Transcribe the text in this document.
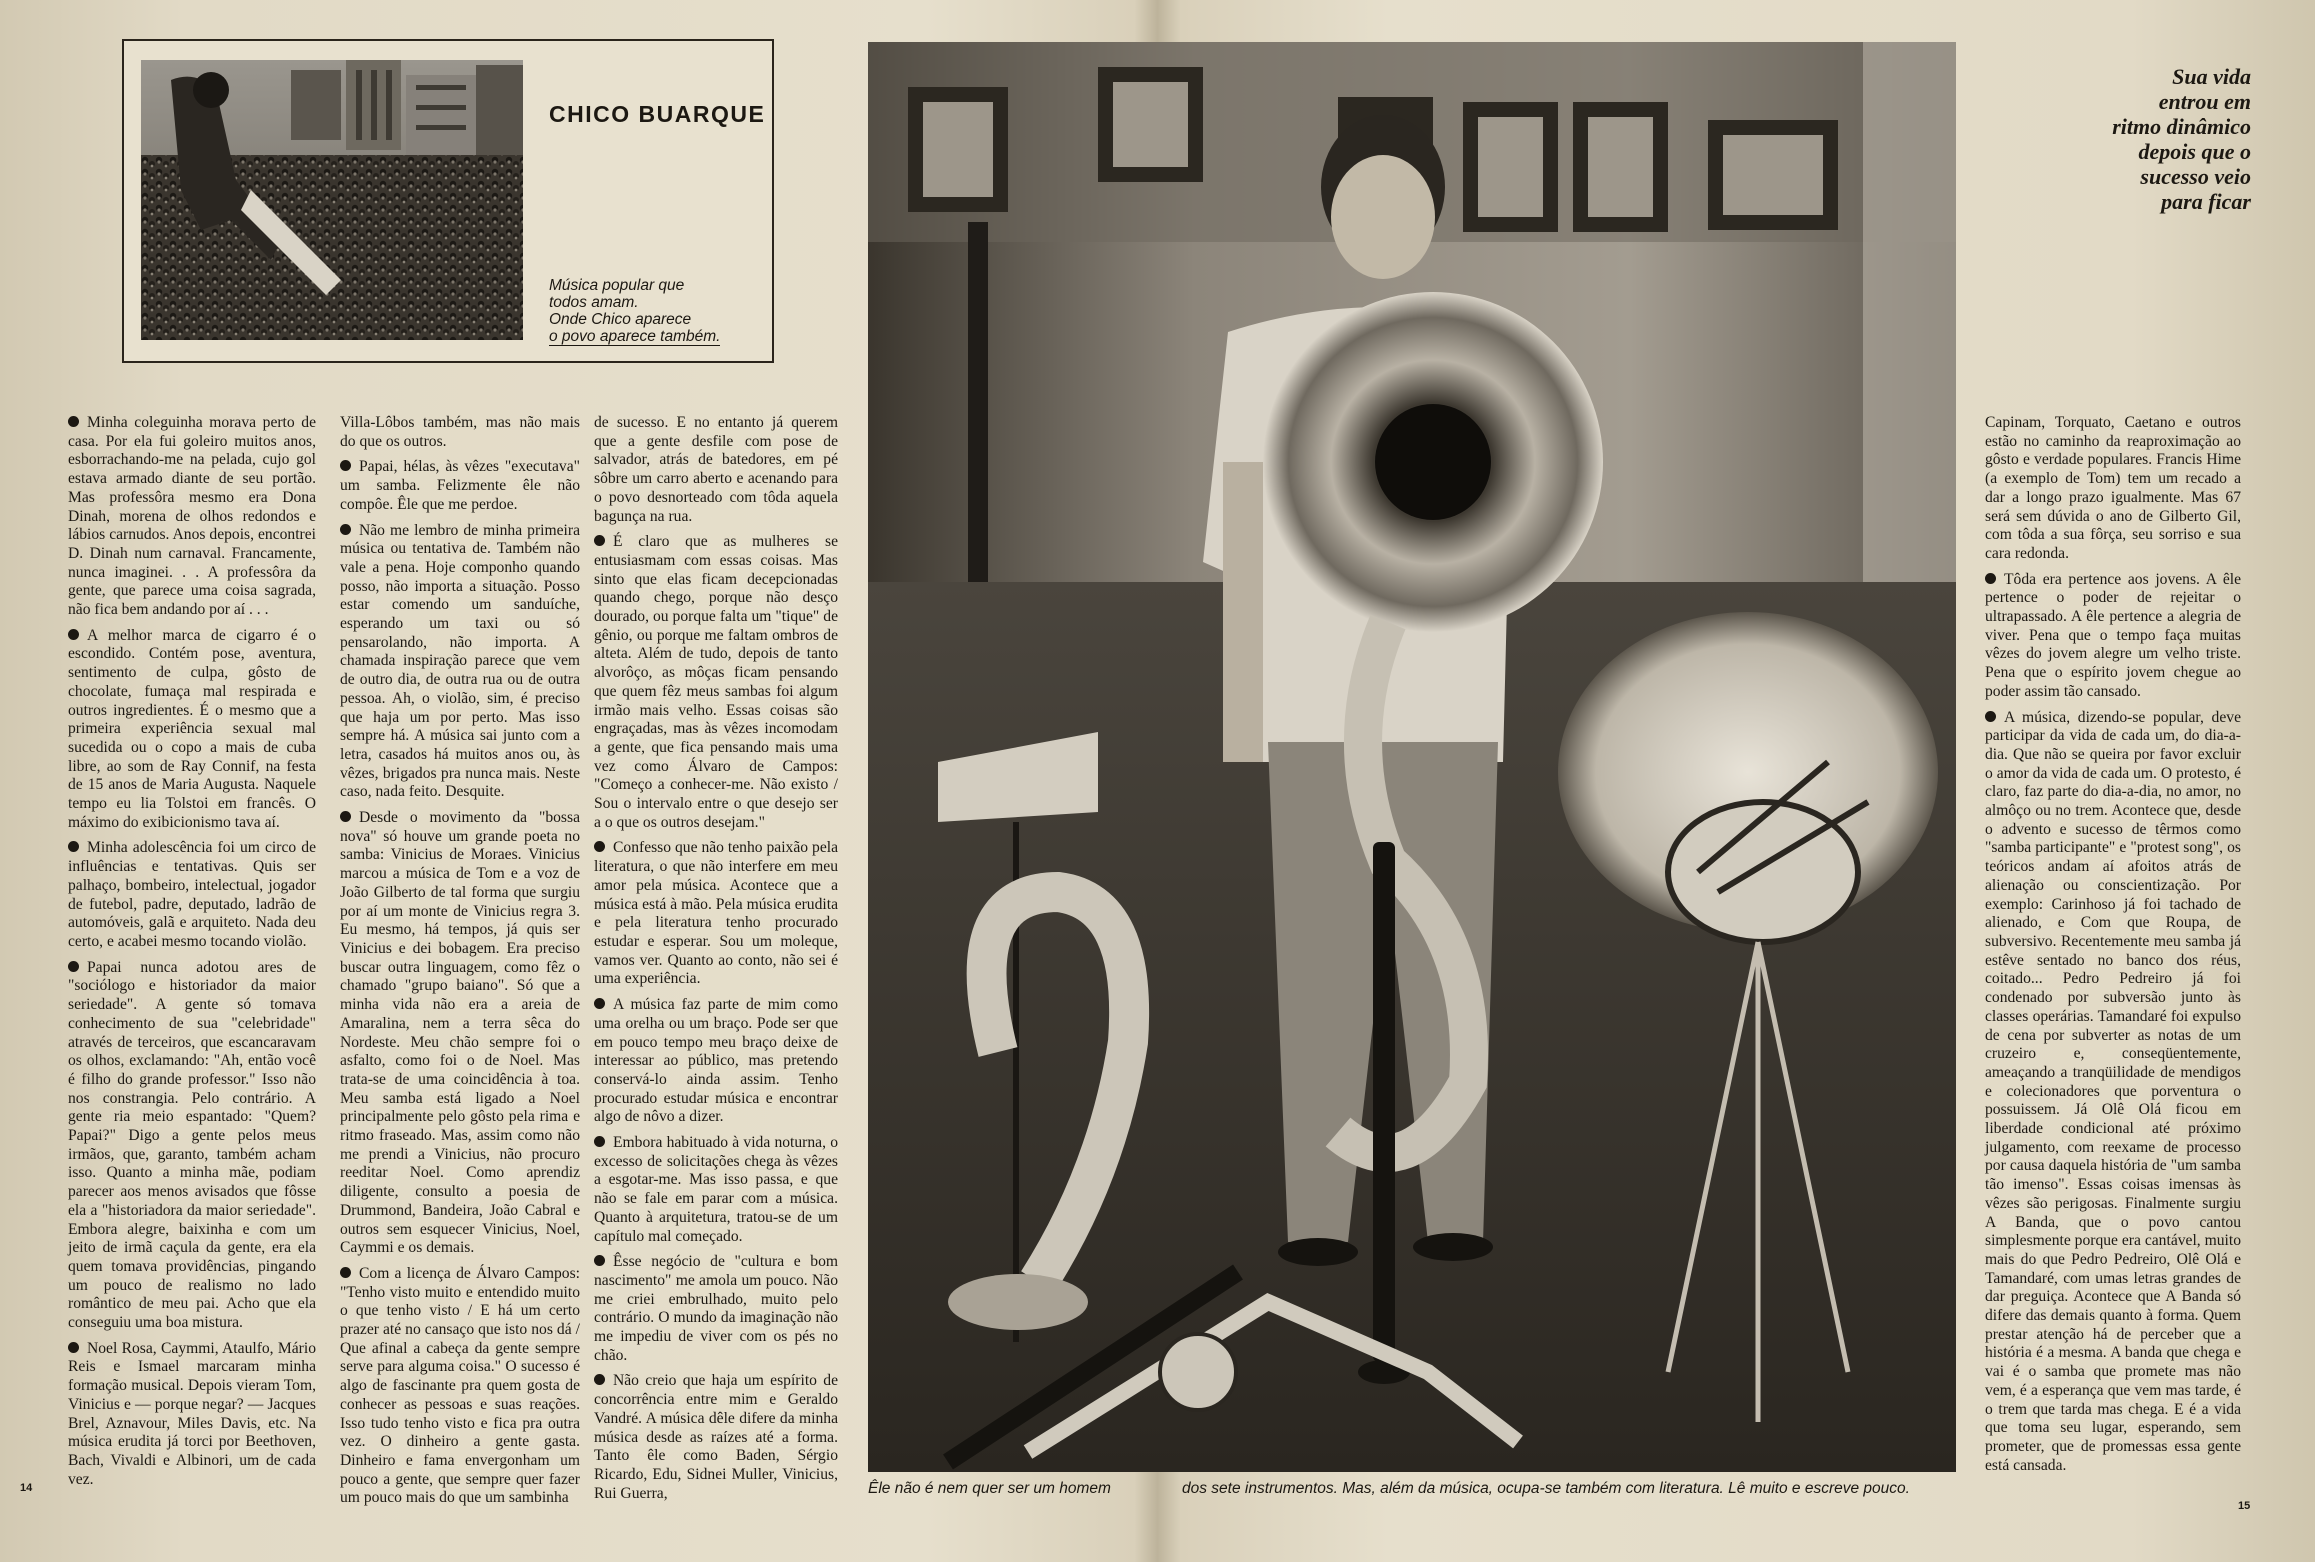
CHICO BUARQUE
Música popular que
todos amam.
Onde Chico aparece
o povo aparece também.

Minha coleguinha morava perto de casa. Por ela fui goleiro muitos anos, esborrachando-me na pelada, cujo gol estava armado diante de seu portão. Mas professôra mesmo era Dona Dinah, morena de olhos redondos e lábios carnudos. Anos depois, encontrei D. Dinah num carnaval. Francamente, nunca imaginei. . . A professôra da gente, que parece uma coisa sagrada, não fica bem andando por aí . . .

A melhor marca de cigarro é o escondido. Contém pose, aventura, sentimento de culpa, gôsto de chocolate, fumaça mal respirada e outros ingredientes. É o mesmo que a primeira experiência sexual mal sucedida ou o copo a mais de cuba libre, ao som de Ray Connif, na festa de 15 anos de Maria Augusta. Naquele tempo eu lia Tolstoi em francês. O máximo do exibicionismo tava aí.

Minha adolescência foi um circo de influências e tentativas. Quis ser palhaço, bombeiro, intelectual, jogador de futebol, padre, deputado, ladrão de automóveis, galã e arquiteto. Nada deu certo, e acabei mesmo tocando violão.

Papai nunca adotou ares de "sociólogo e historiador da maior seriedade". A gente só tomava conhecimento de sua "celebridade" através de terceiros, que escancaravam os olhos, exclamando: "Ah, então você é filho do grande professor." Isso não nos constrangia. Pelo contrário. A gente ria meio espantado: "Quem? Papai?" Digo a gente pelos meus irmãos, que, garanto, também acham isso. Quanto a minha mãe, podiam parecer aos menos avisados que fôsse ela a "historiadora da maior seriedade". Embora alegre, baixinha e com um jeito de irmã caçula da gente, era ela quem tomava providências, pingando um pouco de realismo no lado romântico de meu pai. Acho que ela conseguiu uma boa mistura.

Noel Rosa, Caymmi, Ataulfo, Mário Reis e Ismael marcaram minha formação musical. Depois vieram Tom, Vinicius e — porque negar? — Jacques Brel, Aznavour, Miles Davis, etc. Na música erudita já torci por Beethoven, Bach, Vivaldi e Albinori, um de cada vez.

Villa-Lôbos também, mas não mais do que os outros.

Papai, hélas, às vêzes "executava" um samba. Felizmente êle não compôe. Êle que me perdoe.

Não me lembro de minha primeira música ou tentativa de. Também não vale a pena. Hoje componho quando posso, não importa a situação. Posso estar comendo um sanduíche, esperando um taxi ou só pensarolando, não importa. A chamada inspiração parece que vem de outro dia, de outra rua ou de outra pessoa. Ah, o violão, sim, é preciso que haja um por perto. Mas isso sempre há. A música sai junto com a letra, casados há muitos anos ou, às vêzes, brigados pra nunca mais. Neste caso, nada feito. Desquite.

Desde o movimento da "bossa nova" só houve um grande poeta no samba: Vinicius de Moraes. Vinicius marcou a música de Tom e a voz de João Gilberto de tal forma que surgiu por aí um monte de Vinicius regra 3. Eu mesmo, há tempos, já quis ser Vinicius e dei bobagem. Era preciso buscar outra linguagem, como fêz o chamado "grupo baiano". Só que a minha vida não era a areia de Amaralina, nem a terra sêca do Nordeste. Meu chão sempre foi o asfalto, como foi o de Noel. Mas trata-se de uma coincidência à toa. Meu samba está ligado a Noel principalmente pelo gôsto pela rima e ritmo fraseado. Mas, assim como não me prendi a Vinicius, não procuro reeditar Noel. Como aprendiz diligente, consulto a poesia de Drummond, Bandeira, João Cabral e outros sem esquecer Vinicius, Noel, Caymmi e os demais.

Com a licença de Álvaro Campos: "Tenho visto muito e entendido muito o que tenho visto / E há um certo prazer até no cansaço que isto nos dá / Que afinal a cabeça da gente sempre serve para alguma coisa." O sucesso é algo de fascinante pra quem gosta de conhecer as pessoas e suas reações. Isso tudo tenho visto e fica pra outra vez. O dinheiro a gente gasta. Dinheiro e fama envergonham um pouco a gente, que sempre quer fazer um pouco mais do que um sambinha

de sucesso. E no entanto já querem que a gente desfile com pose de salvador, atrás de batedores, em pé sôbre um carro aberto e acenando para o povo desnorteado com tôda aquela bagunça na rua.

É claro que as mulheres se entusiasmam com essas coisas. Mas sinto que elas ficam decepcionadas quando chego, porque não desço dourado, ou porque falta um "tique" de gênio, ou porque me faltam ombros de alteta. Além de tudo, depois de tanto alvorôço, as môças ficam pensando que quem fêz meus sambas foi algum irmão mais velho. Essas coisas são engraçadas, mas às vêzes incomodam a gente, que fica pensando mais uma vez como Álvaro de Campos: "Começo a conhecer-me. Não existo / Sou o intervalo entre o que desejo ser a o que os outros desejam."

Confesso que não tenho paixão pela literatura, o que não interfere em meu amor pela música. Acontece que a música está à mão. Pela música erudita e pela literatura tenho procurado estudar e esperar. Sou um moleque, vamos ver. Quanto ao conto, não sei é uma experiência.

A música faz parte de mim como uma orelha ou um braço. Pode ser que em pouco tempo meu braço deixe de interessar ao público, mas pretendo conservá-lo ainda assim. Tenho procurado estudar música e encontrar algo de nôvo a dizer.

Embora habituado à vida noturna, o excesso de solicitações chega às vêzes a esgotar-me. Mas isso passa, e que não se fale em parar com a música. Quanto à arquitetura, tratou-se de um capítulo mal começado.

Êsse negócio de "cultura e bom nascimento" me amola um pouco. Não me criei embrulhado, muito pelo contrário. O mundo da imaginação não me impediu de viver com os pés no chão.

Não creio que haja um espírito de concorrência entre mim e Geraldo Vandré. A música dêle difere da minha música desde as raízes até a forma. Tanto êle como Baden, Sérgio Ricardo, Edu, Sidnei Muller, Vinicius, Rui Guerra,	Êle não é nem quer ser um homem	dos sete instrumentos. Mas, além da música, ocupa-se também com literatura. Lê muito e escreve pouco.
Sua vida
entrou em
ritmo dinâmico
depois que o
sucesso veio
para ficar

Capinam, Torquato, Caetano e outros estão no caminho da reaproximação ao gôsto e verdade populares. Francis Hime (a exemplo de Tom) tem um recado a dar a longo prazo igualmente. Mas 67 será sem dúvida o ano de Gilberto Gil, com tôda a sua fôrça, seu sorriso e sua cara redonda.

Tôda era pertence aos jovens. A êle pertence o poder de rejeitar o ultrapassado. A êle pertence a alegria de viver. Pena que o tempo faça muitas vêzes do jovem alegre um velho triste. Pena que o espírito jovem chegue ao poder assim tão cansado.

A música, dizendo-se popular, deve participar da vida de cada um, do dia-a-dia. Que não se queira por favor excluir o amor da vida de cada um. O protesto, é claro, faz parte do dia-a-dia, no amor, no almôço ou no trem. Acontece que, desde o advento e sucesso de têrmos como "samba participante" e "protest song", os teóricos andam aí afoitos atrás de alienação ou conscientização. Por exemplo: Carinhoso já foi tachado de alienado, e Com que Roupa, de subversivo. Recentemente meu samba já estêve sentado no banco dos réus, coitado... Pedro Pedreiro já foi condenado por subversão junto às classes operárias. Tamandaré foi expulso de cena por subverter as notas de um cruzeiro e, conseqüentemente, ameaçando a tranqüilidade de mendigos e colecionadores que porventura o possuissem. Já Olê Olá ficou em liberdade condicional até próximo julgamento, com reexame de processo por causa daquela história de "um samba tão imenso". Essas coisas imensas às vêzes são perigosas. Finalmente surgiu A Banda, que o povo cantou simplesmente porque era cantável, muito mais do que Pedro Pedreiro, Olê Olá e Tamandaré, com umas letras grandes de dar preguiça. Acontece que A Banda só difere das demais quanto à forma. Quem prestar atenção há de perceber que a história é a mesma. A banda que chega e vai é o samba que promete mas não vem, é a esperança que vem mas tarde, é o trem que tarda mas chega. E é a vida que toma seu lugar, esperando, sem prometer, que de promessas essa gente está cansada.

14
15
